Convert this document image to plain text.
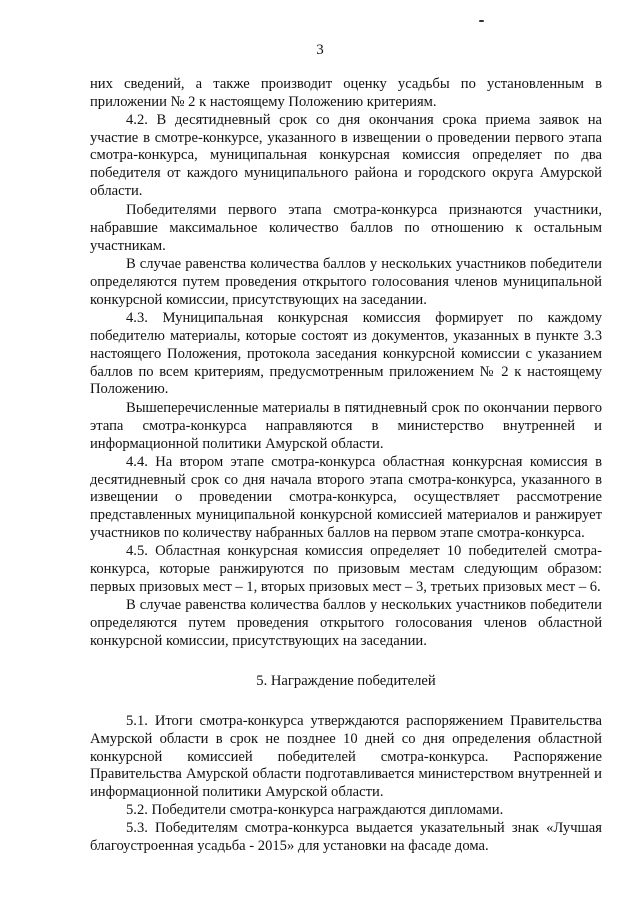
3

них сведений, а также производит оценку усадьбы по установленным в приложении № 2 к настоящему Положению критериям.

4.2. В десятидневный срок со дня окончания срока приема заявок на участие в смотре-конкурсе, указанного в извещении о проведении первого этапа смотра-конкурса, муниципальная конкурсная комиссия определяет по два победителя от каждого муниципального района и городского округа Амурской области.

Победителями первого этапа смотра-конкурса признаются участники, набравшие максимальное количество баллов по отношению к остальным участникам.

В случае равенства количества баллов у нескольких участников победители определяются путем проведения открытого голосования членов муниципальной конкурсной комиссии, присутствующих на заседании.

4.3. Муниципальная конкурсная комиссия формирует по каждому победителю материалы, которые состоят из документов, указанных в пункте 3.3 настоящего Положения, протокола заседания конкурсной комиссии с указанием баллов по всем критериям, предусмотренным приложением № 2 к настоящему Положению.

Вышеперечисленные материалы в пятидневный срок по окончании первого этапа смотра-конкурса направляются в министерство внутренней и информационной политики Амурской области.

4.4. На втором этапе смотра-конкурса областная конкурсная комиссия в десятидневный срок со дня начала второго этапа смотра-конкурса, указанного в извещении о проведении смотра-конкурса, осуществляет рассмотрение представленных муниципальной конкурсной комиссией материалов и ранжирует участников по количеству набранных баллов на первом этапе смотра-конкурса.

4.5. Областная конкурсная комиссия определяет 10 победителей смотра-конкурса, которые ранжируются по призовым местам следующим образом: первых призовых мест – 1, вторых призовых мест – 3, третьих призовых мест – 6.

В случае равенства количества баллов у нескольких участников победители определяются путем проведения открытого голосования членов областной конкурсной комиссии, присутствующих на заседании.

5. Награждение победителей

5.1. Итоги смотра-конкурса утверждаются распоряжением Правительства Амурской области в срок не позднее 10 дней со дня определения областной конкурсной комиссией победителей смотра-конкурса. Распоряжение Правительства Амурской области подготавливается министерством внутренней и информационной политики Амурской области.

5.2. Победители смотра-конкурса награждаются дипломами.

5.3. Победителям смотра-конкурса выдается указательный знак «Лучшая благоустроенная усадьба - 2015» для установки на фасаде дома.
